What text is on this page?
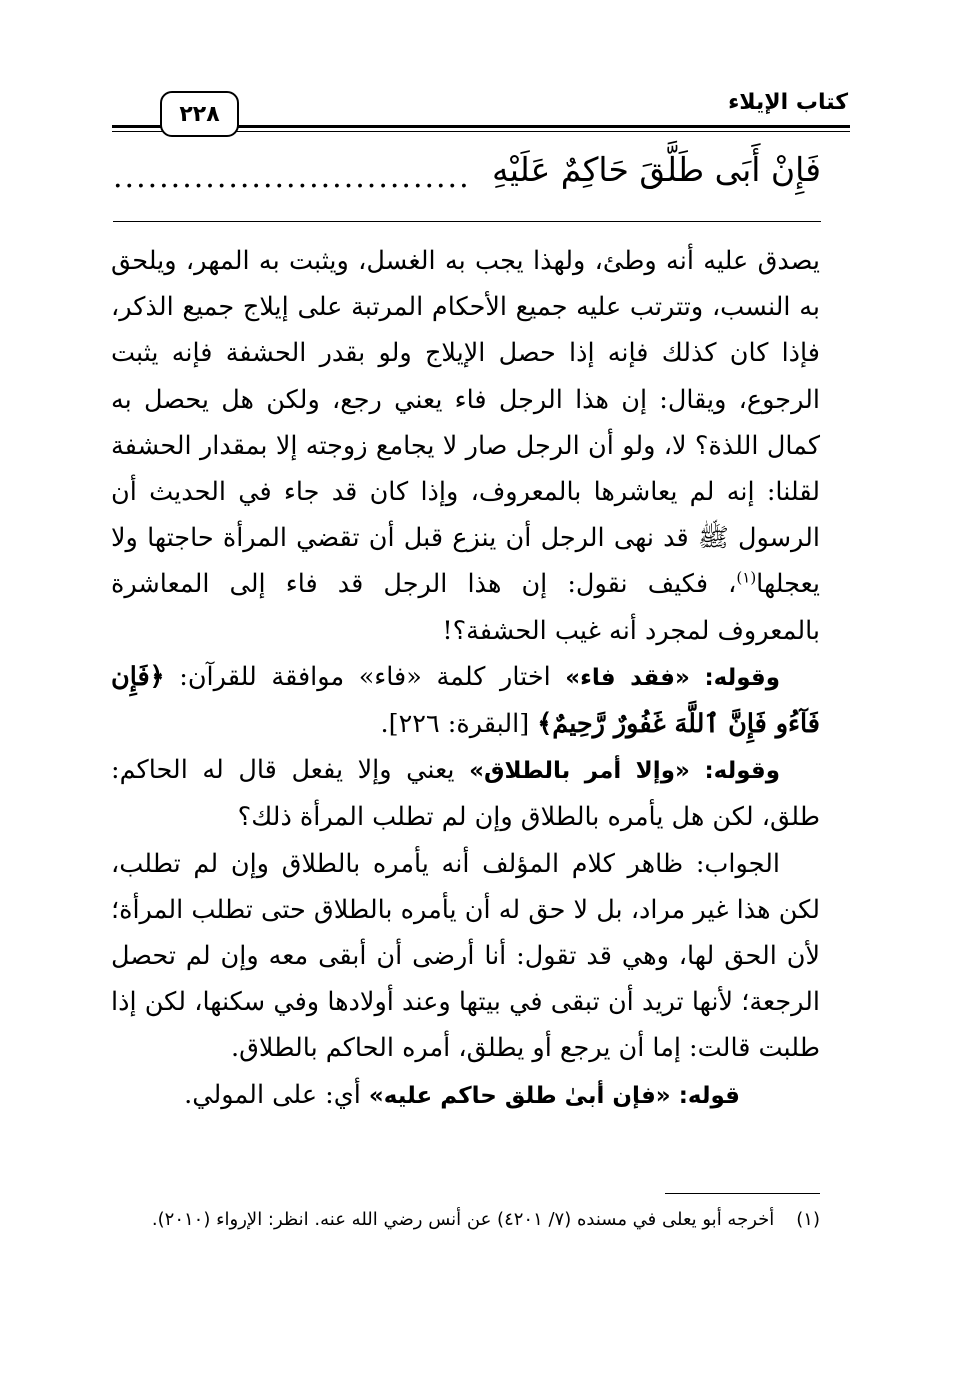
كتاب الإيلاء
٢٢٨
فَإِنْ أَبَى طَلَّقَ حَاكِمٌ عَلَيْهِ
...............................

يصدق عليه أنه وطئ، ولهذا يجب به الغسل، ويثبت به المهر، ويلحق به النسب، وتترتب عليه جميع الأحكام المرتبة على إيلاج جميع الذكر، فإذا كان كذلك فإنه إذا حصل الإيلاج ولو بقدر الحشفة فإنه يثبت الرجوع، ويقال: إن هذا الرجل فاء يعني رجع، ولكن هل يحصل به كمال اللذة؟ لا، ولو أن الرجل صار لا يجامع زوجته إلا بمقدار الحشفة لقلنا: إنه لم يعاشرها بالمعروف، وإذا كان قد جاء في الحديث أن الرسول ﷺ قد نهى الرجل أن ينزع قبل أن تقضي المرأة حاجتها ولا يعجلها$^{(١)}$، فكيف نقول: إن هذا الرجل قد فاء إلى المعاشرة بالمعروف لمجرد أنه غيب الحشفة؟!

وقوله: «فقد فاء» اختار كلمة «فاء» موافقة للقرآن: ﴿فَإِن فَآءُو فَإِنَّ ٱللَّهَ غَفُورٌ رَّحِيمٌ﴾ [البقرة: ٢٢٦].

وقوله: «وإلا أمر بالطلاق» يعني وإلا يفعل قال له الحاكم: طلق، لكن هل يأمره بالطلاق وإن لم تطلب المرأة ذلك؟

الجواب: ظاهر كلام المؤلف أنه يأمره بالطلاق وإن لم تطلب، لكن هذا غير مراد، بل لا حق له أن يأمره بالطلاق حتى تطلب المرأة؛ لأن الحق لها، وهي قد تقول: أنا أرضى أن أبقى معه وإن لم تحصل الرجعة؛ لأنها تريد أن تبقى في بيتها وعند أولادها وفي سكنها، لكن إذا طلبت قالت: إما أن يرجع أو يطلق، أمره الحاكم بالطلاق.

قوله: «فإن أبىٰ طلق حاكم عليه» أي: على المولي.

(١)أخرجه أبو يعلى في مسنده (٧/ ٤٢٠١) عن أنس رضي الله عنه. انظر: الإرواء (٢٠١٠).
